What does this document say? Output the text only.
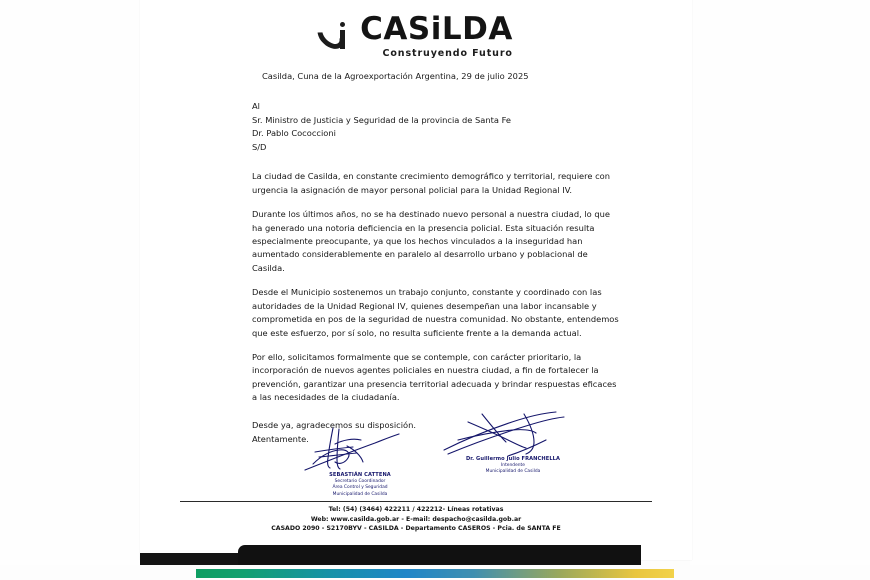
CASiLDA
Construyendo Futuro
Casilda, Cuna de la Agroexportación Argentina, 29 de julio 2025
Al
Sr. Ministro de Justicia y Seguridad de la provincia de Santa Fe
Dr. Pablo Cococcioni
S/D

La ciudad de Casilda, en constante crecimiento demográfico y territorial, requiere con urgencia la asignación de mayor personal policial para la Unidad Regional IV.

Durante los últimos años, no se ha destinado nuevo personal a nuestra ciudad, lo que ha generado una notoria deficiencia en la presencia policial. Esta situación resulta especialmente preocupante, ya que los hechos vinculados a la inseguridad han aumentado considerablemente en paralelo al desarrollo urbano y poblacional de Casilda.

Desde el Municipio sostenemos un trabajo conjunto, constante y coordinado con las autoridades de la Unidad Regional IV, quienes desempeñan una labor incansable y comprometida en pos de la seguridad de nuestra comunidad. No obstante, entendemos que este esfuerzo, por sí solo, no resulta suficiente frente a la demanda actual.

Por ello, solicitamos formalmente que se contemple, con carácter prioritario, la incorporación de nuevos agentes policiales en nuestra ciudad, a fin de fortalecer la prevención, garantizar una presencia territorial adecuada y brindar respuestas eficaces a las necesidades de la ciudadanía.

Desde ya, agradecemos su disposición.
Atentamente.
SEBASTIÁN CATTENA
Secretario Coordinador
Área Control y Seguridad
Municipalidad de Casilda
Dr. Guillermo Julio FRANCHELLA
Intendente
Municipalidad de Casilda
Tel: (54) (3464) 422211 / 422212- Líneas rotativas
Web: www.casilda.gob.ar - E-mail: despacho@casilda.gob.ar
CASADO 2090 - S2170BYV - CASILDA - Departamento CASEROS - Pcia. de SANTA FE
